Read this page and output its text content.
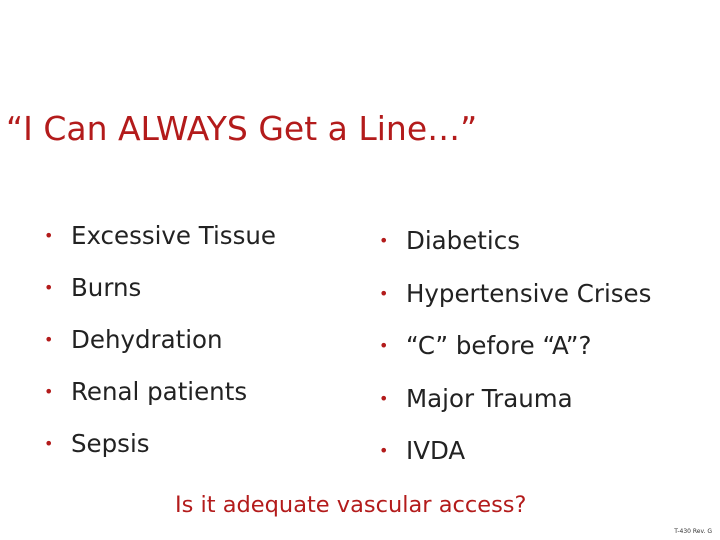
“I Can ALWAYS Get a Line…”
• Excessive Tissue
• Burns
• Dehydration
• Renal patients
• Sepsis
• Diabetics
• Hypertensive Crises
• “C” before “A”?
• Major Trauma
• IVDA

Is it adequate vascular access?

T-430 Rev. G
